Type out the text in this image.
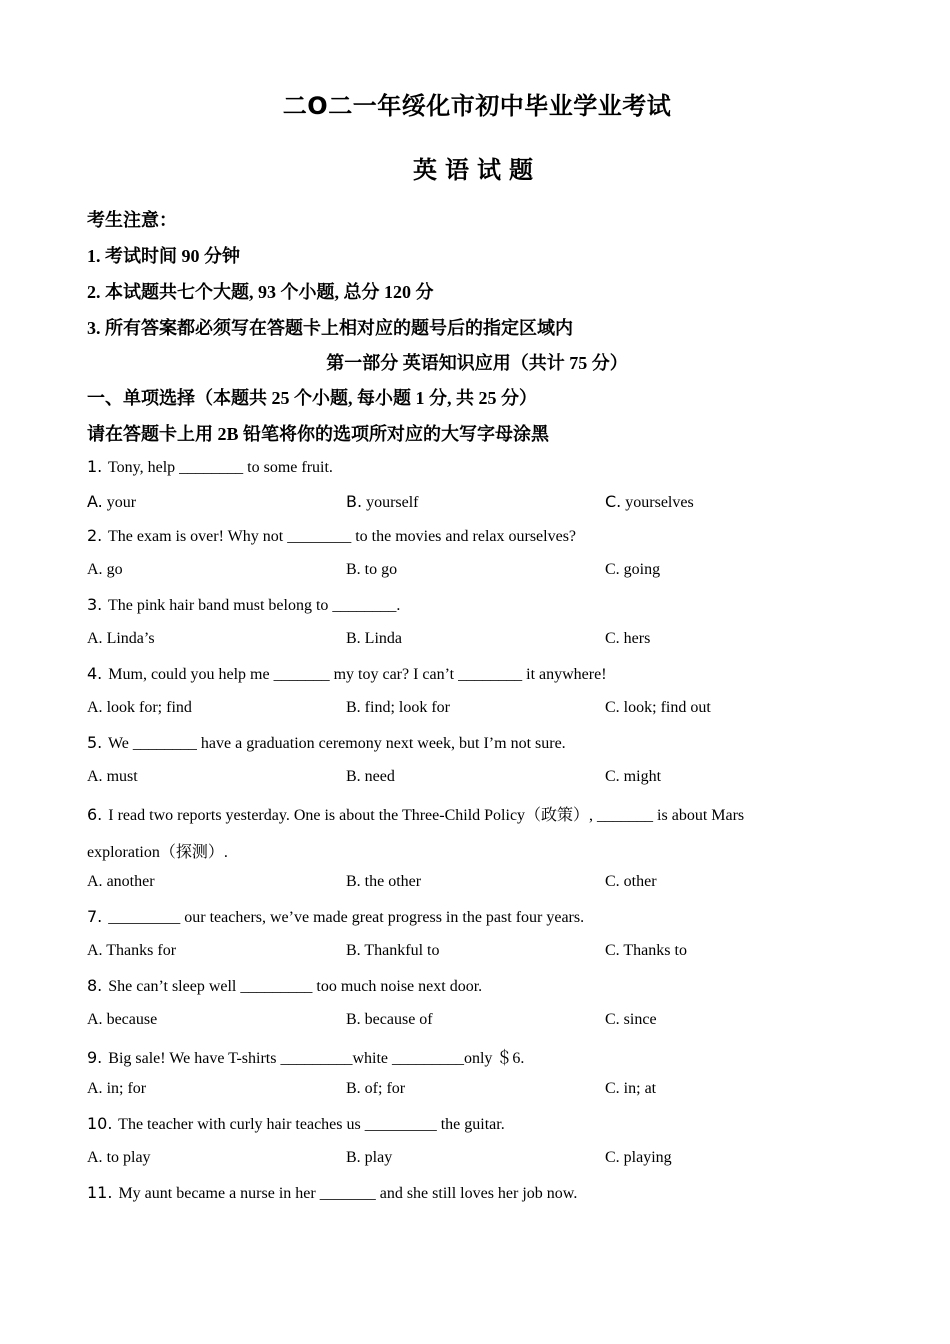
二O二一年绥化市初中毕业学业考试
英语试题
考生注意：
1. 考试时间 90 分钟
2. 本试题共七个大题, 93 个小题, 总分 120 分
3. 所有答案都必须写在答题卡上相对应的题号后的指定区域内
第一部分 英语知识应用（共计 75 分）
一、单项选择（本题共 25 个小题, 每小题 1 分, 共 25 分）
请在答题卡上用 2B 铅笔将你的选项所对应的大写字母涂黑
1. Tony, help ________ to some fruit.
A. your	B. yourself	C. yourselves
2. The exam is over! Why not ________ to the movies and relax ourselves?
A. go	B. to go	C. going
3. The pink hair band must belong to ________.
A. Linda’s	B. Linda	C. hers
4. Mum, could you help me _______ my toy car? I can’t ________ it anywhere!
A. look for; find	B. find; look for	C. look; find out
5. We ________ have a graduation ceremony next week, but I’m not sure.
A. must	B. need	C. might
6. I read two reports yesterday. One is about the Three-Child Policy（政策）, _______ is about Mars
exploration（探测）.
A. another	B. the other	C. other
7. _________ our teachers, we’ve made great progress in the past four years.
A. Thanks for	B. Thankful to	C. Thanks to
8. She can’t sleep well _________ too much noise next door.
A. because	B. because of	C. since
9. Big sale! We have T-shirts _________white _________only ＄6.
A. in; for	B. of; for	C. in; at
10. The teacher with curly hair teaches us _________ the guitar.
A. to play	B. play	C. playing
11. My aunt became a nurse in her _______ and she still loves her job now.
